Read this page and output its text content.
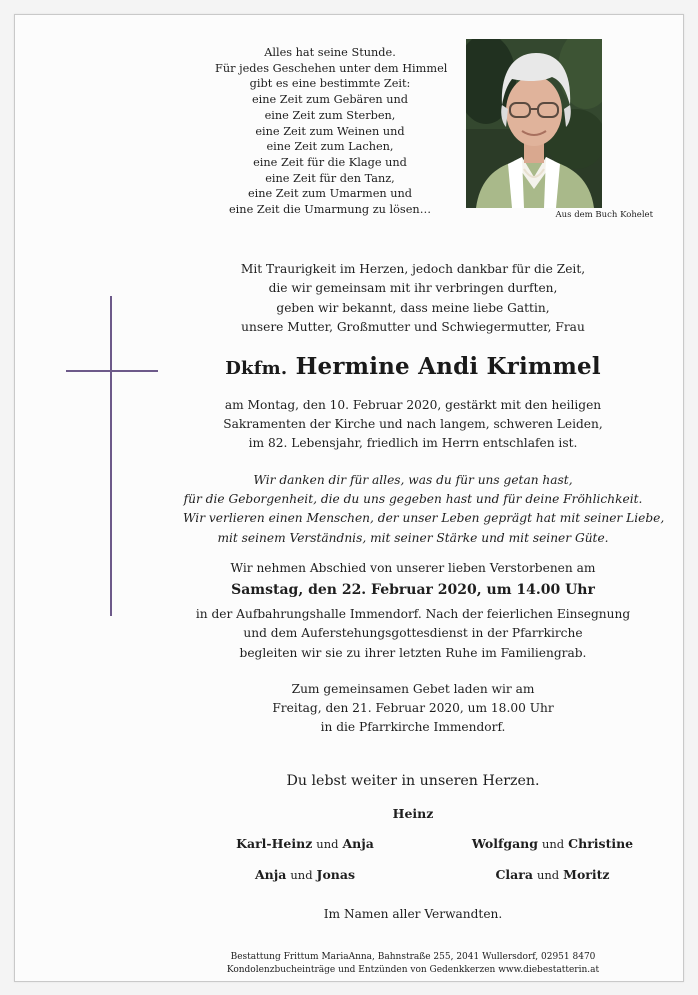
Alles hat seine Stunde.
Für jedes Geschehen unter dem Himmel
gibt es eine bestimmte Zeit:
eine Zeit zum Gebären und
eine Zeit zum Sterben,
eine Zeit zum Weinen und
eine Zeit zum Lachen,
eine Zeit für die Klage und
eine Zeit für den Tanz,
eine Zeit zum Umarmen und
eine Zeit die Umarmung zu lösen…	Aus dem Buch Kohelet
Mit Traurigkeit im Herzen, jedoch dankbar für die Zeit,
die wir gemeinsam mit ihr verbringen durften,
geben wir bekannt, dass meine liebe Gattin,
unsere Mutter, Großmutter und Schwiegermutter, Frau
Dkfm. Hermine Andi Krimmel
am Montag, den 10. Februar 2020, gestärkt mit den heiligen
Sakramenten der Kirche und nach langem, schweren Leiden,
im 82. Lebensjahr, friedlich im Herrn entschlafen ist.
Wir danken dir für alles, was du für uns getan hast,
für die Geborgenheit, die du uns gegeben hast und für deine Fröhlichkeit.
Wir verlieren einen Menschen, der unser Leben geprägt hat mit seiner Liebe,
mit seinem Verständnis, mit seiner Stärke und mit seiner Güte.
Wir nehmen Abschied von unserer lieben Verstorbenen am
Samstag, den 22. Februar 2020, um 14.00 Uhr
in der Aufbahrungshalle Immendorf. Nach der feierlichen Einsegnung
und dem Auferstehungsgottesdienst in der Pfarrkirche
begleiten wir sie zu ihrer letzten Ruhe im Familiengrab.
Zum gemeinsamen Gebet laden wir am
Freitag, den 21. Februar 2020, um 18.00 Uhr
in die Pfarrkirche Immendorf.
Du lebst weiter in unseren Herzen.
Heinz
Karl-Heinz und Anja	Wolfgang und Christine
Anja und Jonas	Clara und Moritz
Im Namen aller Verwandten.
Bestattung Frittum MariaAnna, Bahnstraße 255, 2041 Wullersdorf, 02951 8470
Kondolenzbucheinträge und Entzünden von Gedenkkerzen www.diebestatterin.at
